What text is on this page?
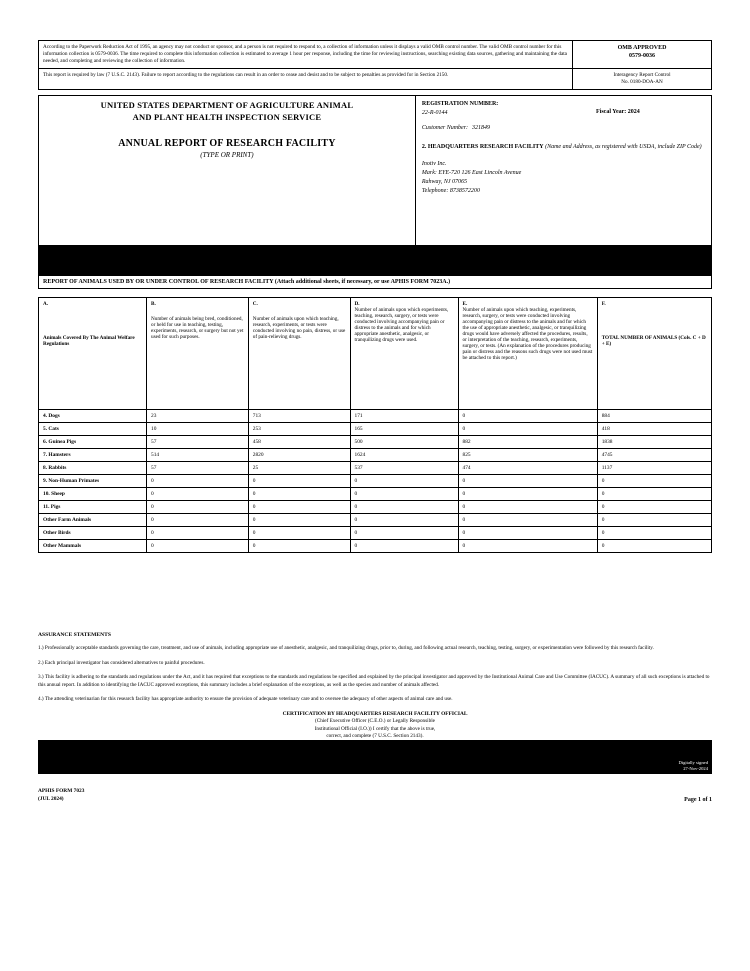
According to the Paperwork Reduction Act of 1995, an agency may not conduct or sponsor, and a person is not required to respond to, a collection of information unless it displays a valid OMB control number. The valid OMB control number for this information collection is 0579-0036. The time required to complete this information collection is estimated to average 1 hour per response, including the time for reviewing instructions, searching existing data sources, gathering and maintaining the data needed, and completing and reviewing the collection of information.	OMB APPROVED
0579-0036

This report is required by law (7 U.S.C. 2143). Failure to report according to the regulations can result in an order to cease and desist and to be subject to penalties as provided for in Section 2150.	Interagency Report Control
No. 0180-DOA-AN

UNITED STATES DEPARTMENT OF AGRICULTURE ANIMAL
AND PLANT HEALTH INSPECTION SERVICE
ANNUAL REPORT OF RESEARCH FACILITY
(TYPE OR PRINT)

REGISTRATION NUMBER:
22-R-0144
Customer Number: 321849

2. HEADQUARTERS RESEARCH FACILITY (Name and Address, as registered with USDA, include ZIP Code)
Inotiv Inc.
Mark: EYE-720 126 East Lincoln Avenue
Rahway, NJ 07065
Telephone: 8738572200
REPORT OF ANIMALS USED BY OR UNDER CONTROL OF RESEARCH FACILITY (Attach additional sheets, if necessary, or use APHIS FORM 7023A.)
A.
Animals Covered By The Animal Welfare Regulations

B.
Number of animals being bred, conditioned, or held for use in teaching, testing, experiments, research, or surgery but not yet used for such purposes.

C.
Number of animals upon which teaching, research, experiments, or tests were conducted involving no pain, distress, or use of pain-relieving drugs.

D.
Number of animals upon which experiments, teaching, research, surgery, or tests were conducted involving accompanying pain or distress to the animals and for which appropriate anesthetic, analgesic, or tranquilizing drugs were used.

E.
Number of animals upon which teaching, experiments, research, surgery, or tests were conducted involving accompanying pain or distress to the animals and for which the use of appropriate anesthetic, analgesic, or tranquilizing drugs would have adversely affected the procedures, results, or interpretation of the teaching, research, experiments, surgery, or tests. (An explanation of the procedures producing pain or distress and the reasons such drugs were not used must be attached to this report.)

F.
TOTAL NUMBER OF ANIMALS (Cols. C + D + E)

4. Dogs	23	713	171	0	884
5. Cats	10	253	165	0	418
6. Guinea Pigs	57	458	500	882	1838
7. Hamsters	514	2820	1624	825	4745
8. Rabbits	57	25	537	474	1137
9. Non-Human Primates	0	0	0	0	0
10. Sheep	0	0	0	0	0
11. Pigs	0	0	0	0	0
Other Farm Animals	0	0	0	0	0
Other Birds	0	0	0	0	0
Other Mammals	0	0	0	0	0
ASSURANCE STATEMENTS

1.) Professionally acceptable standards governing the care, treatment, and use of animals, including appropriate use of anesthetic, analgesic, and tranquilizing drugs, prior to, during, and following actual research, teaching, testing, surgery, or experimentation were followed by this research facility.

2.) Each principal investigator has considered alternatives to painful procedures.

3.) This facility is adhering to the standards and regulations under the Act, and it has required that exceptions to the standards and regulations be specified and explained by the principal investigator and approved by the Institutional Animal Care and Use Committee (IACUC). A summary of all such exceptions is attached to this annual report. In addition to identifying the IACUC approved exceptions, this summary includes a brief explanation of the exceptions, as well as the species and number of animals affected.

4.) The attending veterinarian for this research facility has appropriate authority to ensure the provision of adequate veterinary care and to oversee the adequacy of other aspects of animal care and use.

CERTIFICATION BY HEADQUARTERS RESEARCH FACILITY OFFICIAL
(Chief Executive Officer (C.E.O.) or Legally Responsible
Institutional Official (I.O.)) I certify that the above is true,
correct, and complete (7 U.S.C. Section 2143).
Digitally signed
27-Nov-2024
APHIS FORM 7023
(JUL 2024)	Page 1 of 1
Fiscal Year: 2024
